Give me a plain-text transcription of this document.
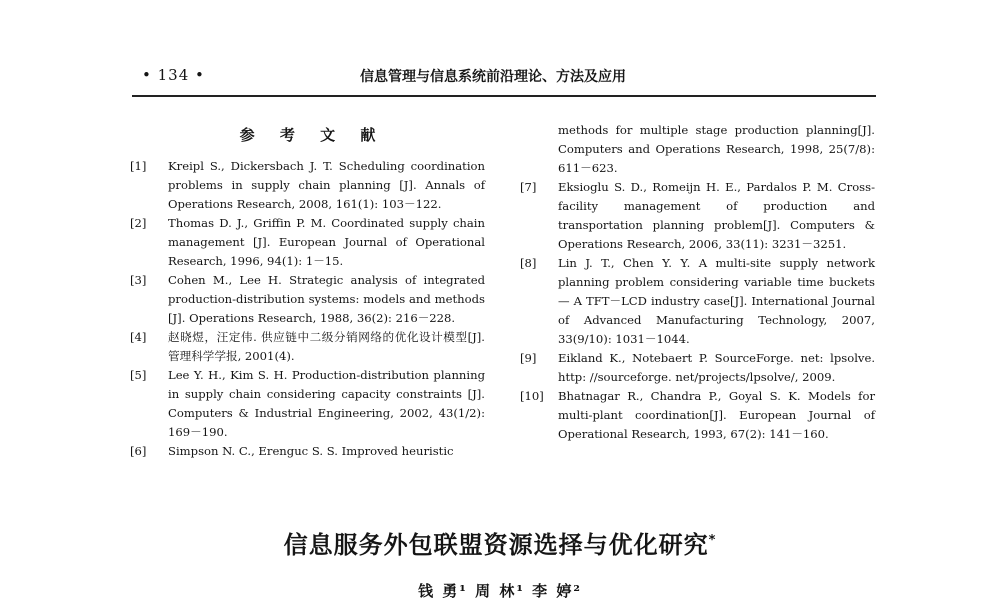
• 134 •	信息管理与信息系统前沿理论、方法及应用
参 考 文 献
[1]	Kreipl S., Dickersbach J. T. Scheduling coordination problems in supply chain planning [J]. Annals of Operations Research, 2008, 161(1): 103－122.
[2]	Thomas D. J., Griffin P. M. Coordinated supply chain management [J]. European Journal of Operational Research, 1996, 94(1): 1－15.
[3]	Cohen M., Lee H. Strategic analysis of integrated production-distribution systems: models and methods [J]. Operations Research, 1988, 36(2): 216－228.
[4]	赵晓煜，汪定伟. 供应链中二级分销网络的优化设计模型[J]. 管理科学学报, 2001(4).
[5]	Lee Y. H., Kim S. H. Production-distribution planning in supply chain considering capacity constraints [J]. Computers & Industrial Engineering, 2002, 43(1/2): 169－190.
[6]	Simpson N. C., Erenguc S. S. Improved heuristic
methods for multiple stage production planning[J]. Computers and Operations Research, 1998, 25(7/8): 611－623.
[7]	Eksioglu S. D., Romeijn H. E., Pardalos P. M. Cross-facility management of production and transportation planning problem[J]. Computers & Operations Research, 2006, 33(11): 3231－3251.
[8]	Lin J. T., Chen Y. Y. A multi-site supply network planning problem considering variable time buckets — A TFT－LCD industry case[J]. International Journal of Advanced Manufacturing Technology, 2007, 33(9/10): 1031－1044.
[9]	Eikland K., Notebaert P. SourceForge. net: lpsolve. http: //sourceforge. net/projects/lpsolve/, 2009.
[10]	Bhatnagar R., Chandra P., Goyal S. K. Models for multi-plant coordination[J]. European Journal of Operational Research, 1993, 67(2): 141－160.
信息服务外包联盟资源选择与优化研究*
钱 勇¹ 周 林¹ 李 婷²
